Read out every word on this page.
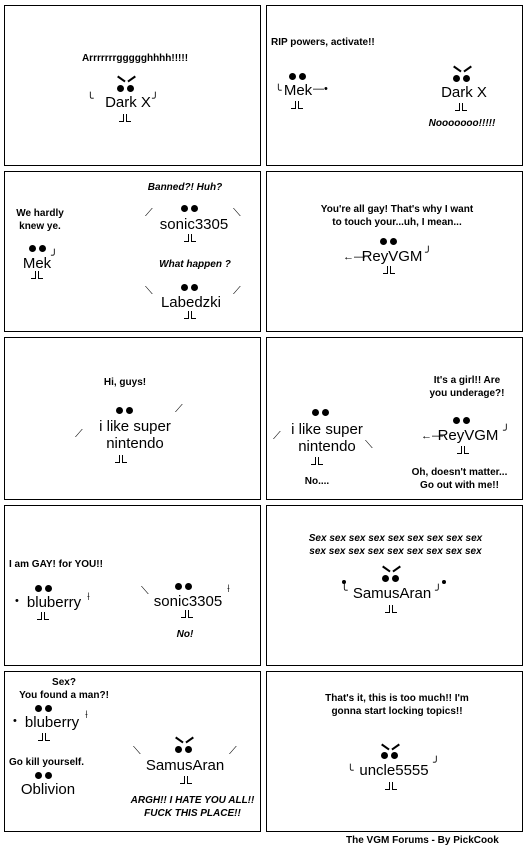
Arrrrrrrggggghhhh!!!!!
╰ Dark X ╯
RIP powers, activate!!
╰ Mek —•	Dark X
Nooooooo!!!!!
We hardly
knew ye.
Mek ╯
Banned?! Huh?
⟋
sonic3305
⟍
What happen ?
⟍
Labedzki
⟋
You're all gay! That's why I want
to touch your...uh, I mean...
←—
ReyVGM ╯
Hi, guys!
⟋	i like super
nintendo
⟋
It's a girl!! Are
you underage?!
⟋ i like super
nintendo ⟍
No....
←—
ReyVGM ╯
Oh, doesn't matter...
Go out with me!!
I am GAY! for YOU!!
• bluberry ⟊	⟍
sonic3305
⟊
No!
Sex sex sex sex sex sex sex sex sex
sex sex sex sex sex sex sex sex sex
╰ SamusAran ╯
Sex?
You found a man?!
• bluberry ⟊
Go kill yourself.
Oblivion
⟍
SamusAran
⟋
ARGH!! I HATE YOU ALL!!
FUCK THIS PLACE!!
That's it, this is too much!! I'm
gonna start locking topics!!
╰ uncle5555 ╯
The VGM Forums - By PickCook
